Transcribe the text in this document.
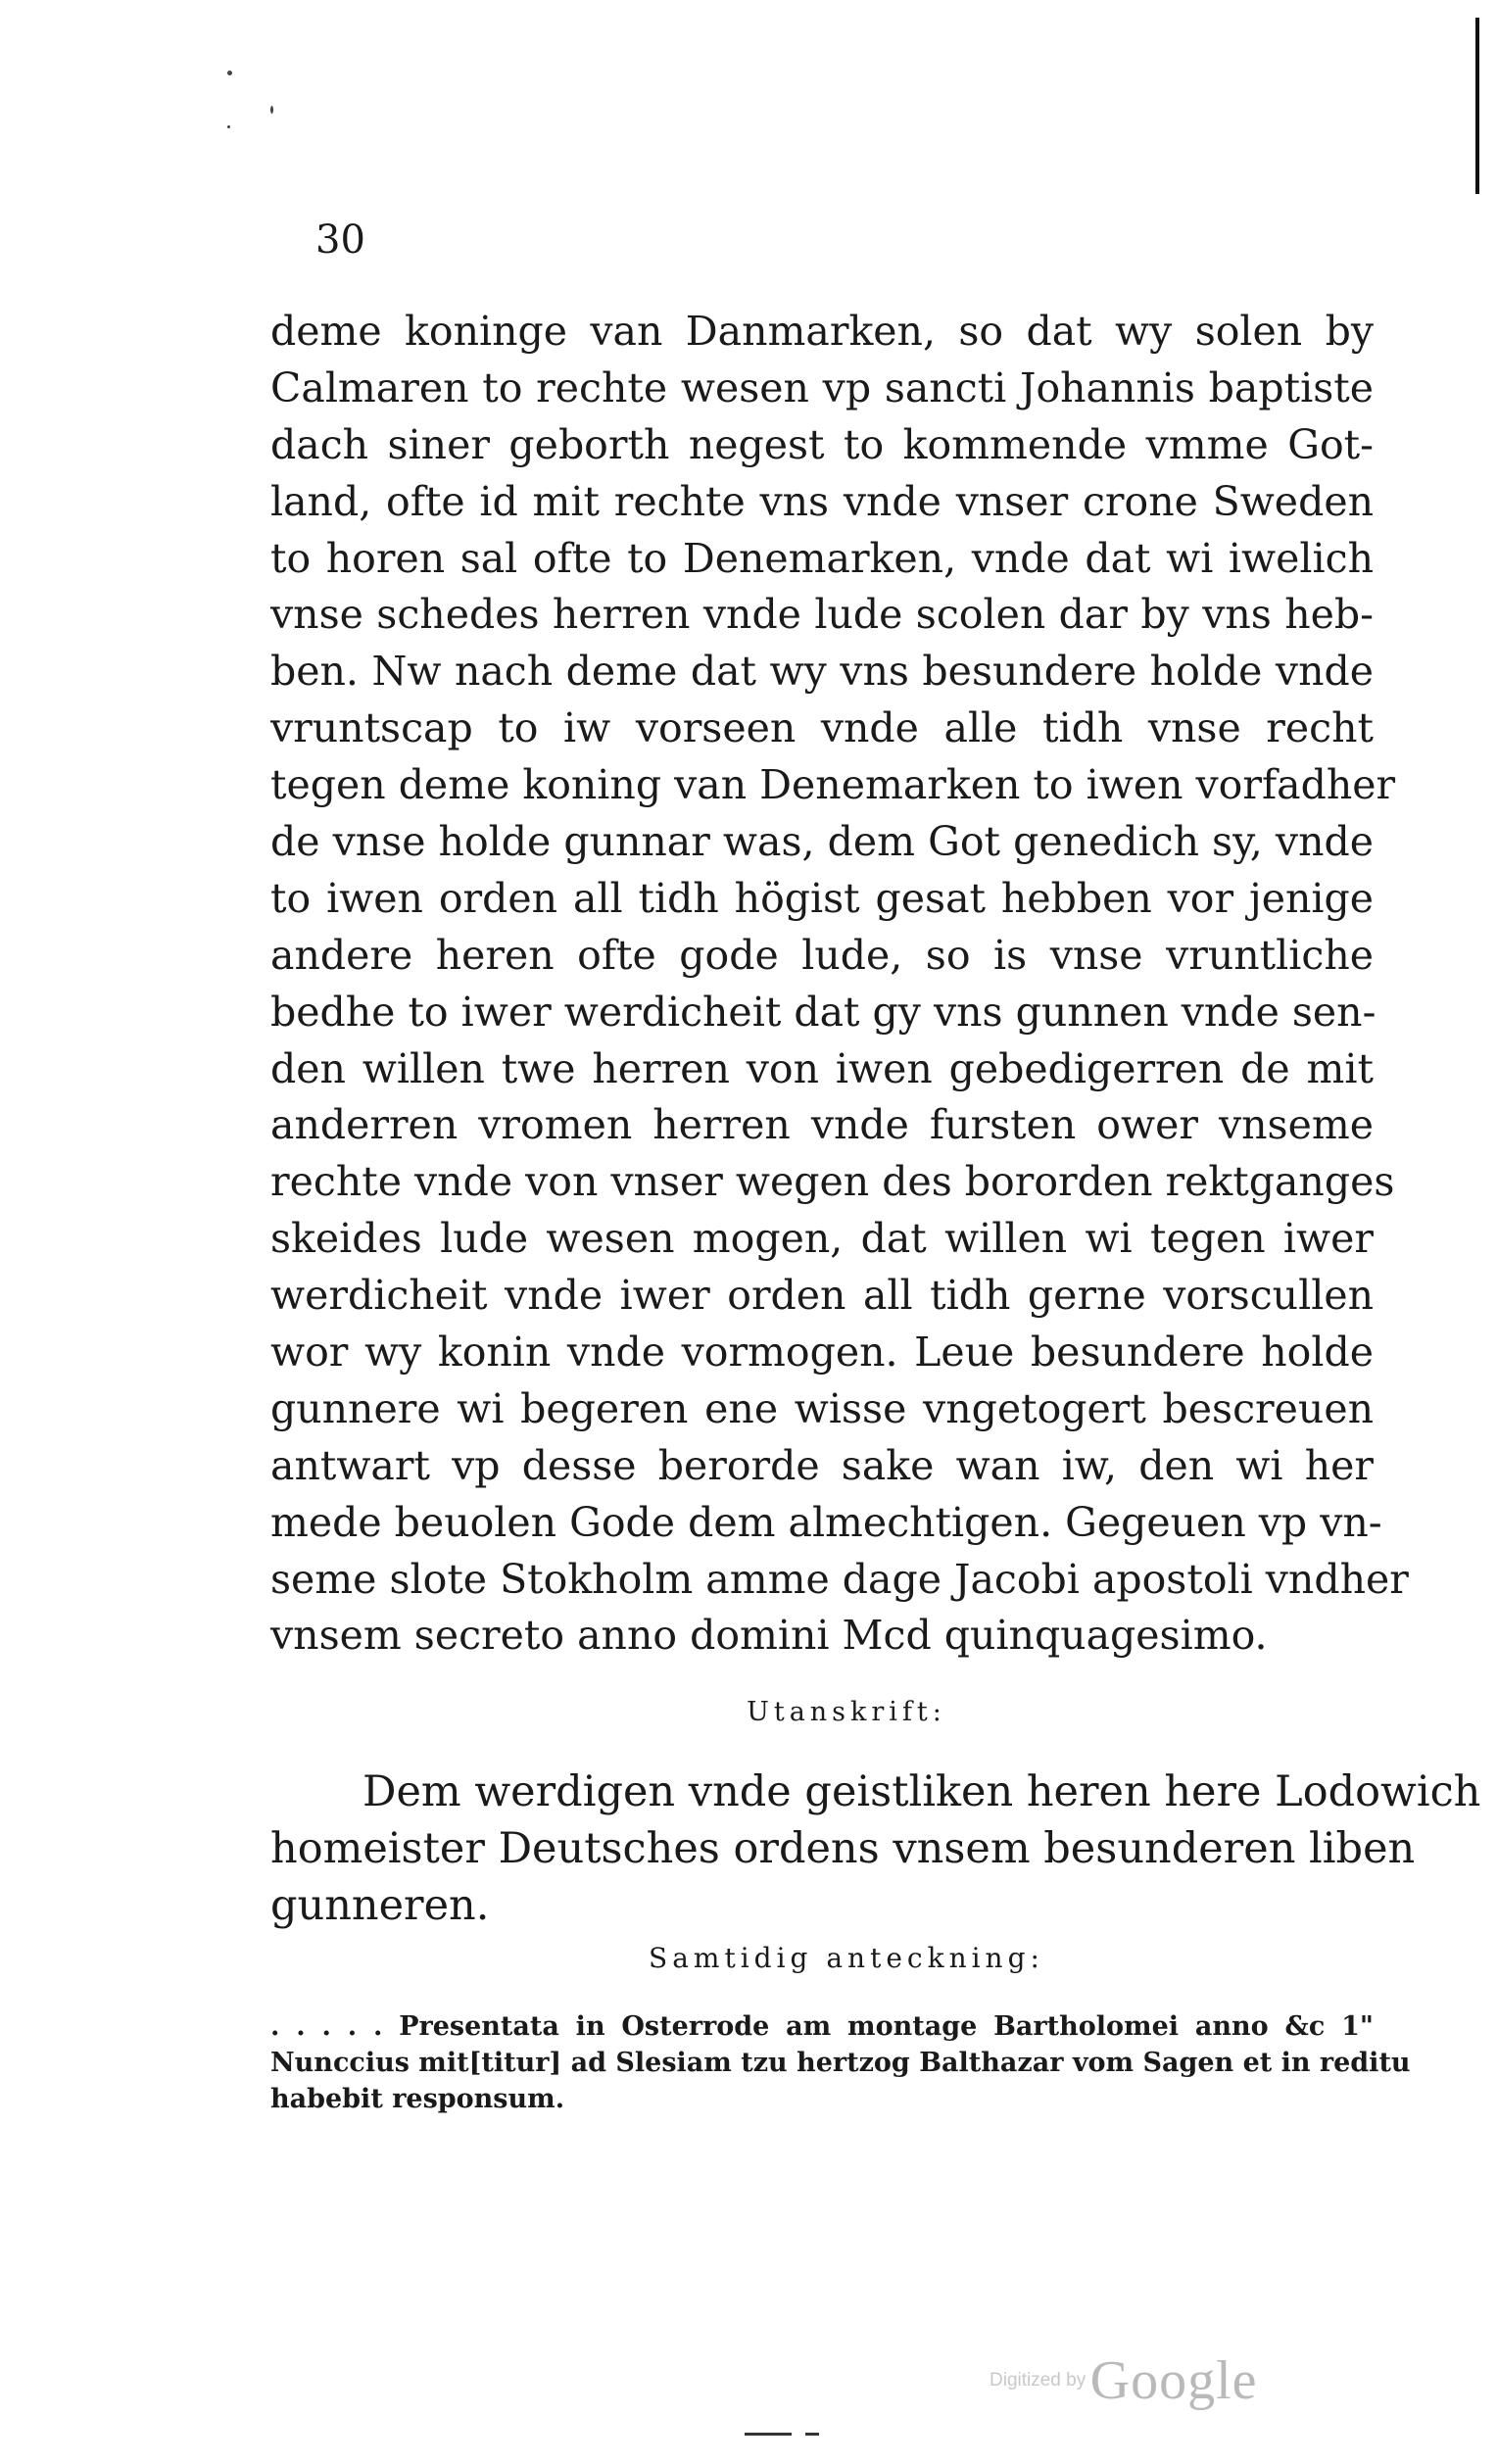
30
deme koninge van Danmarken, so dat wy solen by
Calmaren to rechte wesen vp sancti Johannis baptiste
dach siner geborth negest to kommende vmme Got-
land, ofte id mit rechte vns vnde vnser crone Sweden
to horen sal ofte to Denemarken, vnde dat wi iwelich
vnse schedes herren vnde lude scolen dar by vns heb-
ben. Nw nach deme dat wy vns besundere holde vnde
vruntscap to iw vorseen vnde alle tidh vnse recht
tegen deme koning van Denemarken to iwen vorfadher
de vnse holde gunnar was, dem Got genedich sy, vnde
to iwen orden all tidh högist gesat hebben vor jenige
andere heren ofte gode lude, so is vnse vruntliche
bedhe to iwer werdicheit dat gy vns gunnen vnde sen-
den willen twe herren von iwen gebedigerren de mit
anderren vromen herren vnde fursten ower vnseme
rechte vnde von vnser wegen des bororden rektganges
skeides lude wesen mogen, dat willen wi tegen iwer
werdicheit vnde iwer orden all tidh gerne vorscullen
wor wy konin vnde vormogen. Leue besundere holde
gunnere wi begeren ene wisse vngetogert bescreuen
antwart vp desse berorde sake wan iw, den wi her
mede beuolen Gode dem almechtigen. Gegeuen vp vn-
seme slote Stokholm amme dage Jacobi apostoli vndher
vnsem secreto anno domini Mcd quinquagesimo.
Utanskrift:
Dem werdigen vnde geistliken heren here Lodowich
homeister Deutsches ordens vnsem besunderen liben
gunneren.
Samtidig anteckning:
. . . . . Presentata in Osterrode am montage Bartholomei anno &c 1"
Nunccius mit[titur] ad Slesiam tzu hertzog Balthazar vom Sagen et in reditu
habebit responsum.
Digitized by Google
